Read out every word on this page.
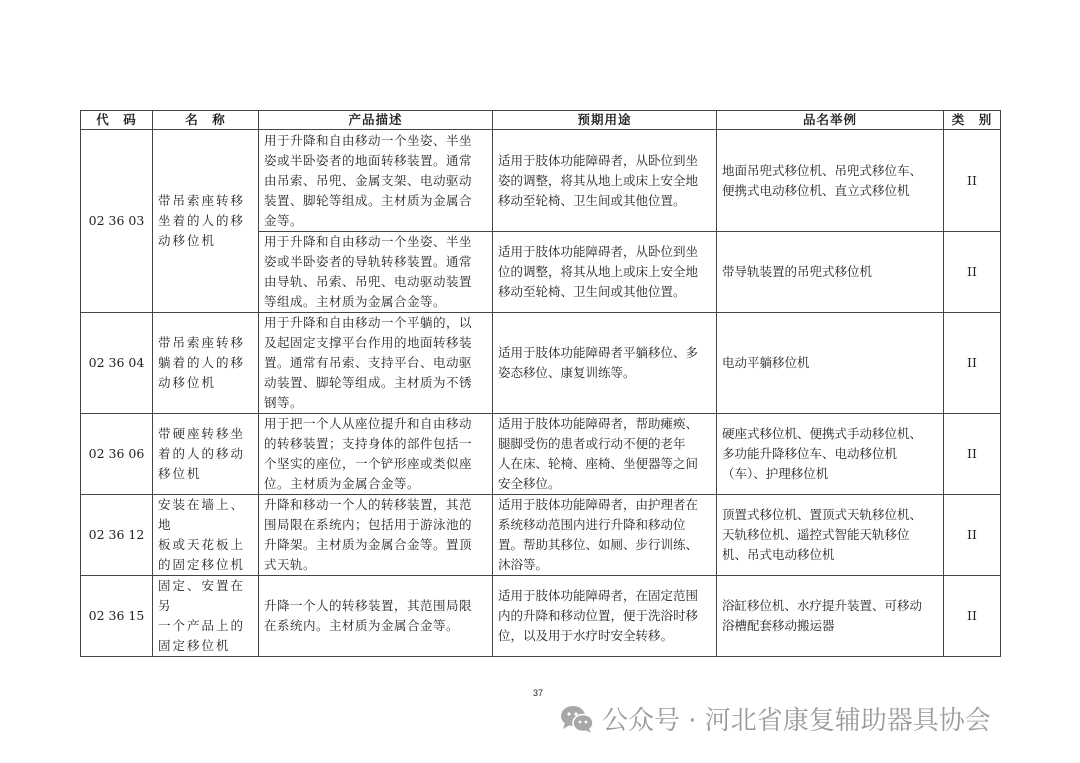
代　码	名　称	产品描述	预期用途	品名举例	类　别
02 36 03	带吊索座转移
坐着的人的移
动移位机	用于升降和自由移动一个坐姿、半坐
姿或半卧姿者的地面转移装置。通常
由吊索、吊兜、金属支架、电动驱动
装置、脚轮等组成。主材质为金属合
金等。	适用于肢体功能障碍者，从卧位到坐
姿的调整，将其从地上或床上安全地
移动至轮椅、卫生间或其他位置。	地面吊兜式移位机、吊兜式移位车、
便携式电动移位机、直立式移位机	II
		用于升降和自由移动一个坐姿、半坐
姿或半卧姿者的导轨转移装置。通常
由导轨、吊索、吊兜、电动驱动装置
等组成。主材质为金属合金等。	适用于肢体功能障碍者，从卧位到坐
位的调整，将其从地上或床上安全地
移动至轮椅、卫生间或其他位置。	带导轨装置的吊兜式移位机	II
02 36 04	带吊索座转移
躺着的人的移
动移位机	用于升降和自由移动一个平躺的，以
及起固定支撑平台作用的地面转移装
置。通常有吊索、支持平台、电动驱
动装置、脚轮等组成。主材质为不锈
钢等。	适用于肢体功能障碍者平躺移位、多
姿态移位、康复训练等。	电动平躺移位机	II
02 36 06	带硬座转移坐
着的人的移动
移位机	用于把一个人从座位提升和自由移动
的转移装置；支持身体的部件包括一
个坚实的座位，一个铲形座或类似座
位。主材质为金属合金等。	适用于肢体功能障碍者，帮助瘫痪、
腿脚受伤的患者或行动不便的老年
人在床、轮椅、座椅、坐便器等之间
安全移位。	硬座式移位机、便携式手动移位机、
多功能升降移位车、电动移位机
（车）、护理移位机	II
02 36 12	安装在墙上、地
板或天花板上
的固定移位机	升降和移动一个人的转移装置，其范
围局限在系统内；包括用于游泳池的
升降架。主材质为金属合金等。置顶
式天轨。	适用于肢体功能障碍者，由护理者在
系统移动范围内进行升降和移动位
置。帮助其移位、如厕、步行训练、
沐浴等。	顶置式移位机、置顶式天轨移位机、
天轨移位机、遥控式智能天轨移位
机、吊式电动移位机	II
02 36 15	固定、安置在另
一个产品上的
固定移位机	升降一个人的转移装置，其范围局限
在系统内。主材质为金属合金等。	适用于肢体功能障碍者，在固定范围
内的升降和移动位置，便于洗浴时移
位，以及用于水疗时安全转移。	浴缸移位机、水疗提升装置、可移动
浴槽配套移动搬运器	II
37
公众号 · 河北省康复辅助器具协会
